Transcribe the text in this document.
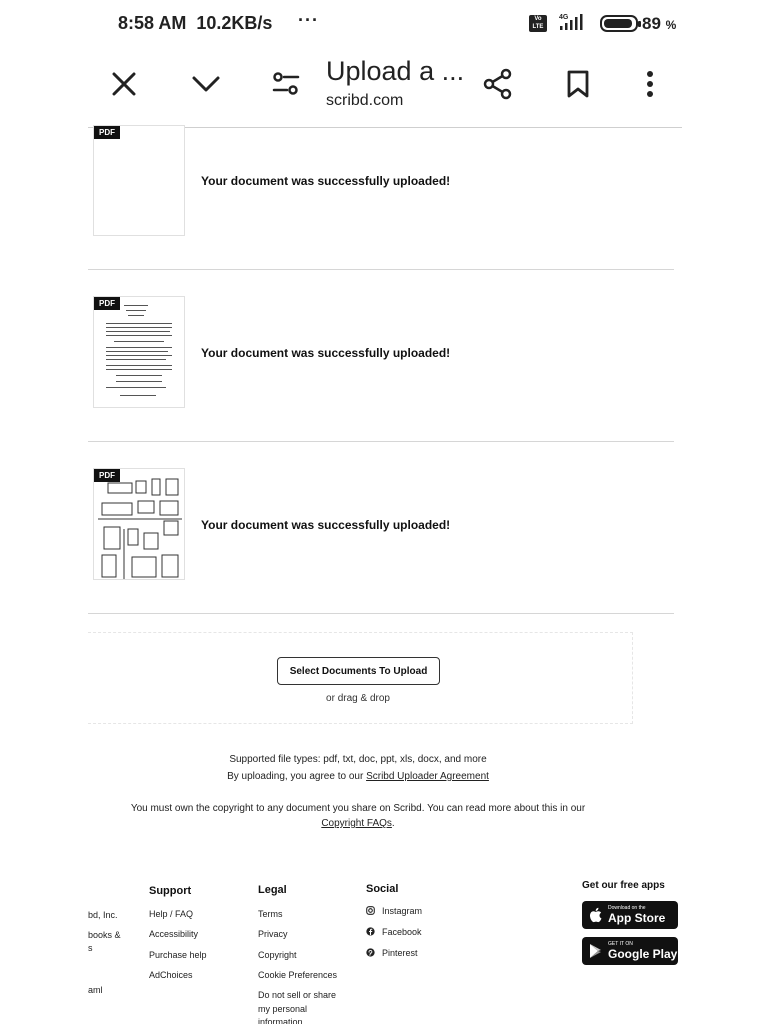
8:58 AM 10.2KB/s ···	Vo LTE
4G	89 %
Upload a ...
scribd.com
PDF
Your document was successfully uploaded!
PDF
Your document was successfully uploaded!
PDF
Your document was successfully uploaded!
Select Documents To Upload
or drag & drop
Supported file types: pdf, txt, doc, ppt, xls, docx, and more
By uploading, you agree to our Scribd Uploader Agreement
You must own the copyright to any document you share on Scribd. You can read more about this in our
Copyright FAQs.
bd, Inc.
books &
s
aml
Support
Help / FAQ
Accessibility
Purchase help
AdChoices
Legal
Terms
Privacy
Copyright
Cookie Preferences
Do not sell or share
my personal
information
Social
Instagram
Facebook
Pinterest
Get our free apps
Download on the
App Store
GET IT ON
Google Play
